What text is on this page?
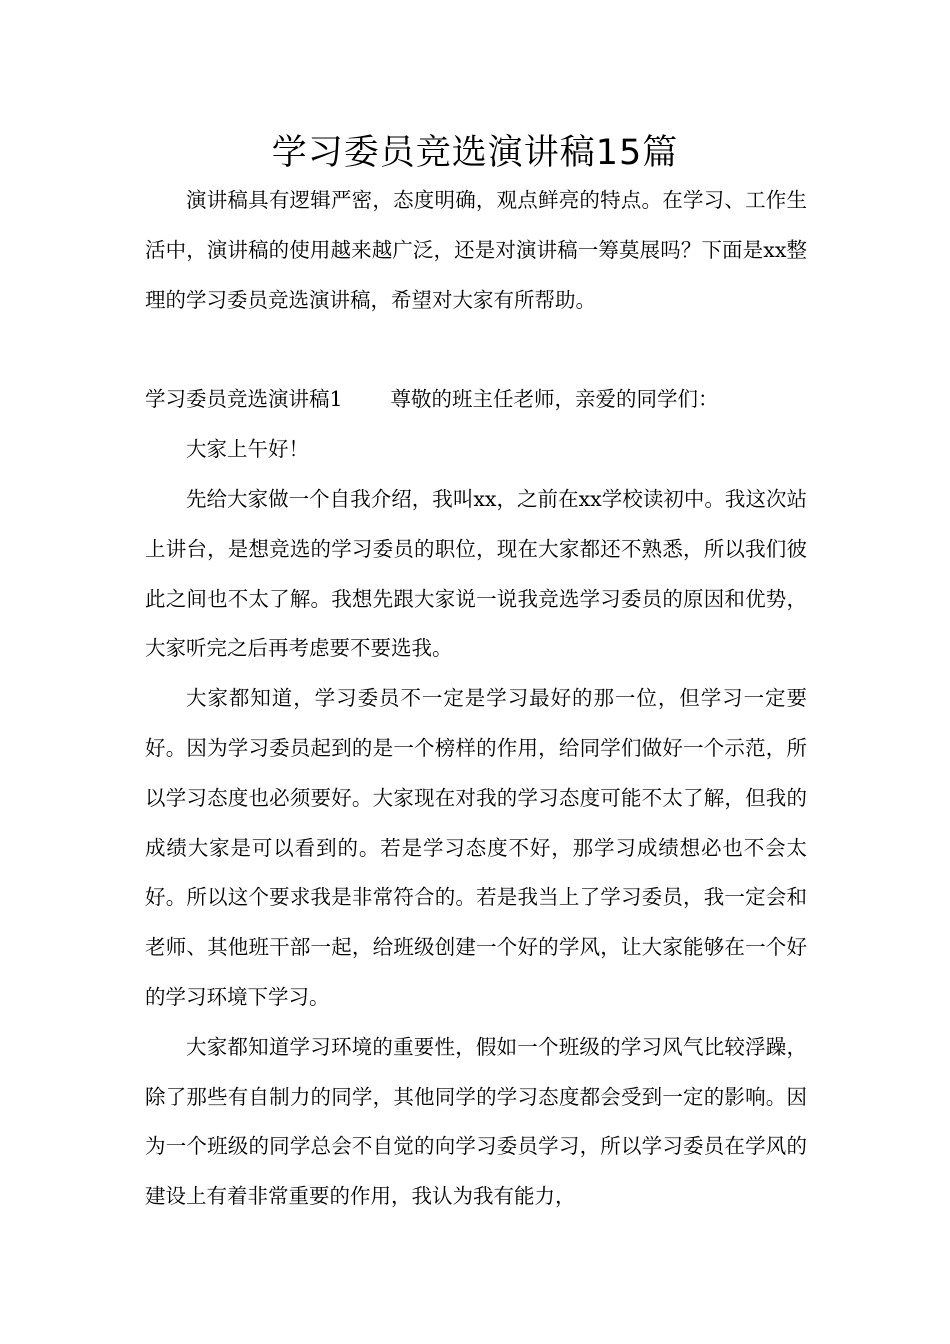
学习委员竞选演讲稿15篇

演讲稿具有逻辑严密，态度明确，观点鲜亮的特点。在学习、工作生活中，演讲稿的使用越来越广泛，还是对演讲稿一筹莫展吗？下面是xx整理的学习委员竞选演讲稿，希望对大家有所帮助。

学习委员竞选演讲稿1 尊敬的班主任老师，亲爱的同学们：

大家上午好！

先给大家做一个自我介绍，我叫xx，之前在xx学校读初中。我这次站上讲台，是想竞选的学习委员的职位，现在大家都还不熟悉，所以我们彼此之间也不太了解。我想先跟大家说一说我竞选学习委员的原因和优势，大家听完之后再考虑要不要选我。

大家都知道，学习委员不一定是学习最好的那一位，但学习一定要好。因为学习委员起到的是一个榜样的作用，给同学们做好一个示范，所以学习态度也必须要好。大家现在对我的学习态度可能不太了解，但我的成绩大家是可以看到的。若是学习态度不好，那学习成绩想必也不会太好。所以这个要求我是非常符合的。若是我当上了学习委员，我一定会和老师、其他班干部一起，给班级创建一个好的学风，让大家能够在一个好的学习环境下学习。

大家都知道学习环境的重要性，假如一个班级的学习风气比较浮躁，除了那些有自制力的同学，其他同学的学习态度都会受到一定的影响。因为一个班级的同学总会不自觉的向学习委员学习，所以学习委员在学风的建设上有着非常重要的作用，我认为我有能力，
